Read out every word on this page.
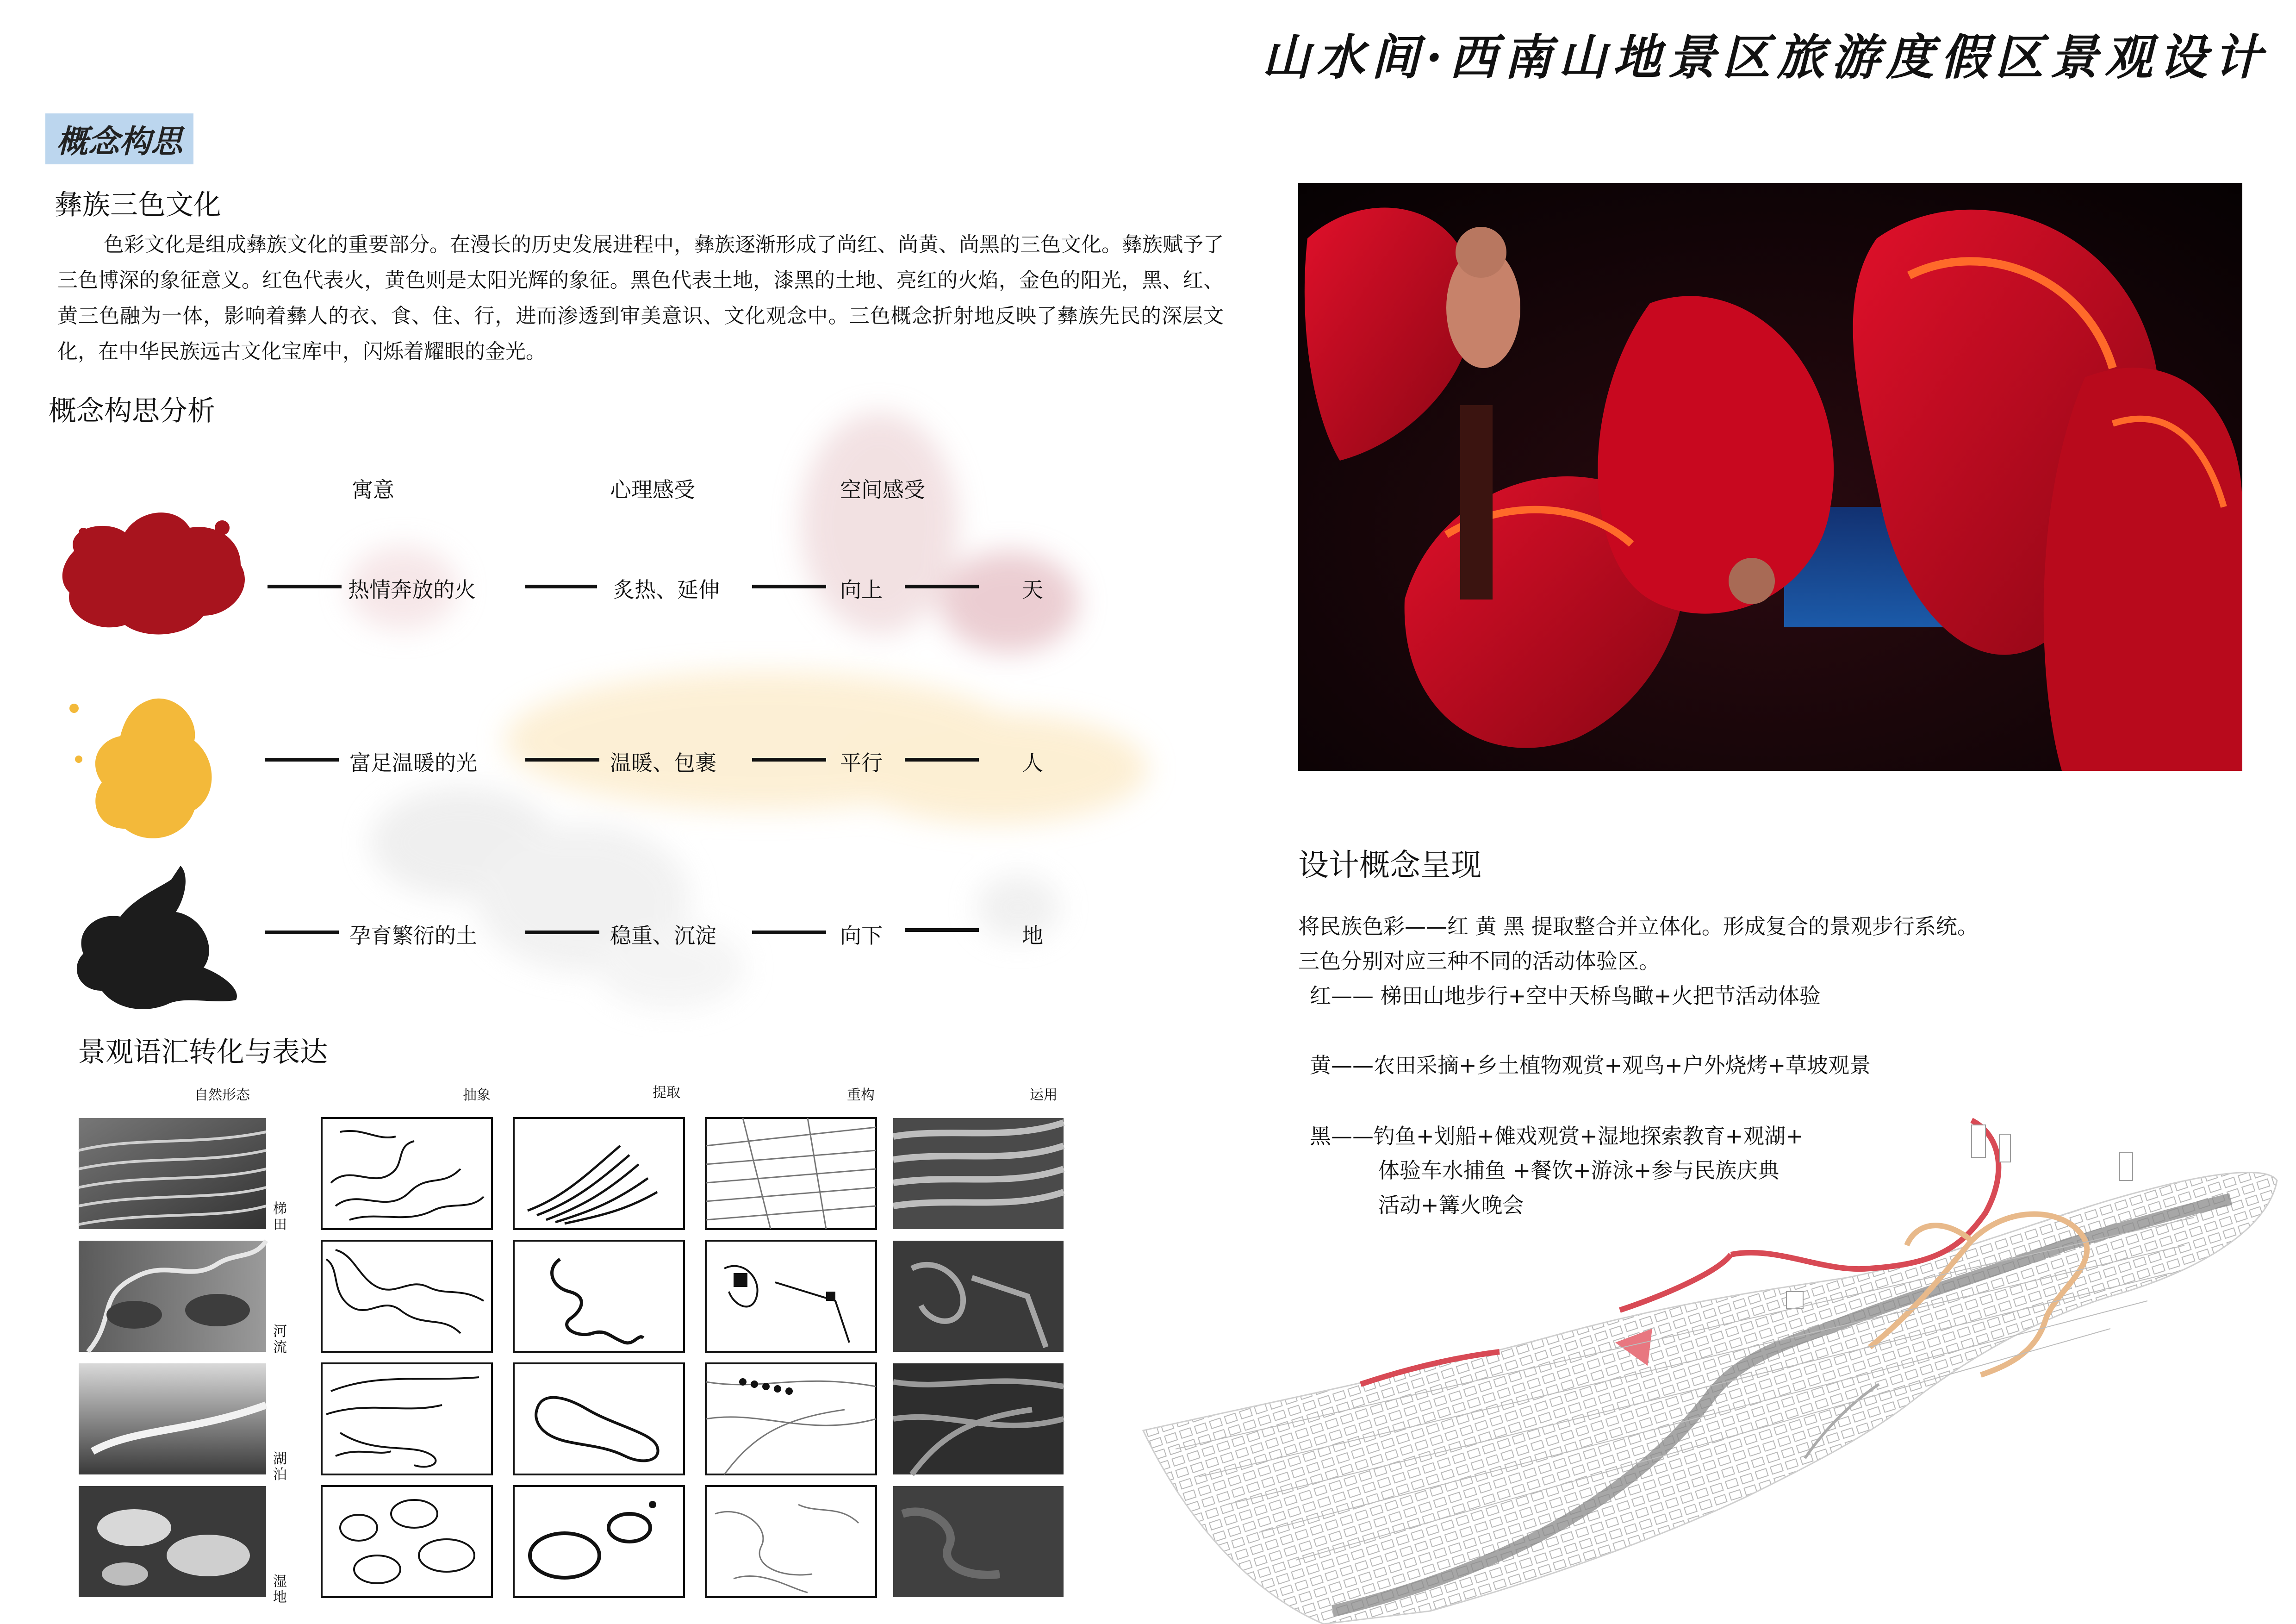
山水间·西南山地景区旅游度假区景观设计
概念构思
彝族三色文化
色彩文化是组成彝族文化的重要部分。在漫长的历史发展进程中，彝族逐渐形成了尚红、尚黄、尚黑的三色文化。彝族赋予了三色博深的象征意义。红色代表火，黄色则是太阳光辉的象征。黑色代表土地，漆黑的土地、亮红的火焰，金色的阳光，黑、红、黄三色融为一体，影响着彝人的衣、食、住、行，进而渗透到审美意识、文化观念中。三色概念折射地反映了彝族先民的深层文化，在中华民族远古文化宝库中，闪烁着耀眼的金光。
概念构思分析
寓意	心理感受	空间感受
热情奔放的火	炙热、延伸	向上	天
富足温暖的光	温暖、包裹	平行	人
孕育繁衍的土	稳重、沉淀	向下	地
景观语汇转化与表达
自然形态	抽象	提取	重构	运用
梯田
河流
湖泊
湿地
设计概念呈现
将民族色彩——红 黄 黑 提取整合并立体化。形成复合的景观步行系统。
三色分别对应三种不同的活动体验区。
红—— 梯田山地步行+空中天桥鸟瞰+火把节活动体验
黄——农田采摘+乡土植物观赏+观鸟+户外烧烤+草坡观景
黑——钓鱼+划船+傩戏观赏+湿地探索教育+观湖+
体验车水捕鱼 +餐饮+游泳+参与民族庆典
活动+篝火晚会
